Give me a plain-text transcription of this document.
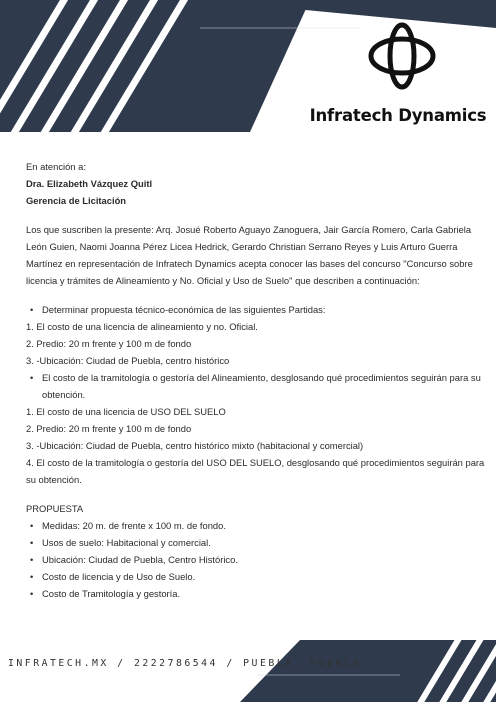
Infratech Dynamics
En atención a:
Dra. Elizabeth Vázquez Quitl
Gerencia de Licitación
Los que suscriben la presente: Arq. Josué Roberto Aguayo Zanoguera, Jair García Romero, Carla Gabriela León Guien, Naomi Joanna Pérez Licea Hedrick, Gerardo Christian Serrano Reyes y Luis Arturo Guerra Martínez en representación de Infratech Dynamics acepta conocer las bases del concurso "Concurso sobre licencia y trámites de Alineamiento y No. Oficial y Uso de Suelo" que describen a continuación:
• Determinar propuesta técnico-económica de las siguientes Partidas:
1. El costo de una licencia de alineamiento y no. Oficial.
2. Predio: 20 m frente y 100 m de fondo
3. -Ubicación: Ciudad de Puebla, centro histórico
• El costo de la tramitología o gestoría del Alineamiento, desglosando qué procedimientos seguirán para su obtención.
1. El costo de una licencia de USO DEL SUELO
2. Predio: 20 m frente y 100 m de fondo
3. -Ubicación: Ciudad de Puebla, centro histórico mixto (habitacional y comercial)
4. El costo de la tramitología o gestoría del USO DEL SUELO, desglosando qué procedimientos seguirán para su obtención.
PROPUESTA
• Medidas: 20 m. de frente x 100 m. de fondo.
• Usos de suelo: Habitacional y comercial.
• Ubicación: Ciudad de Puebla, Centro Histórico.
• Costo de licencia y de Uso de Suelo.
• Costo de Tramitología y gestoría.
INFRATECH.MX / 2222786544 / PUEBLA, PUEBLA
